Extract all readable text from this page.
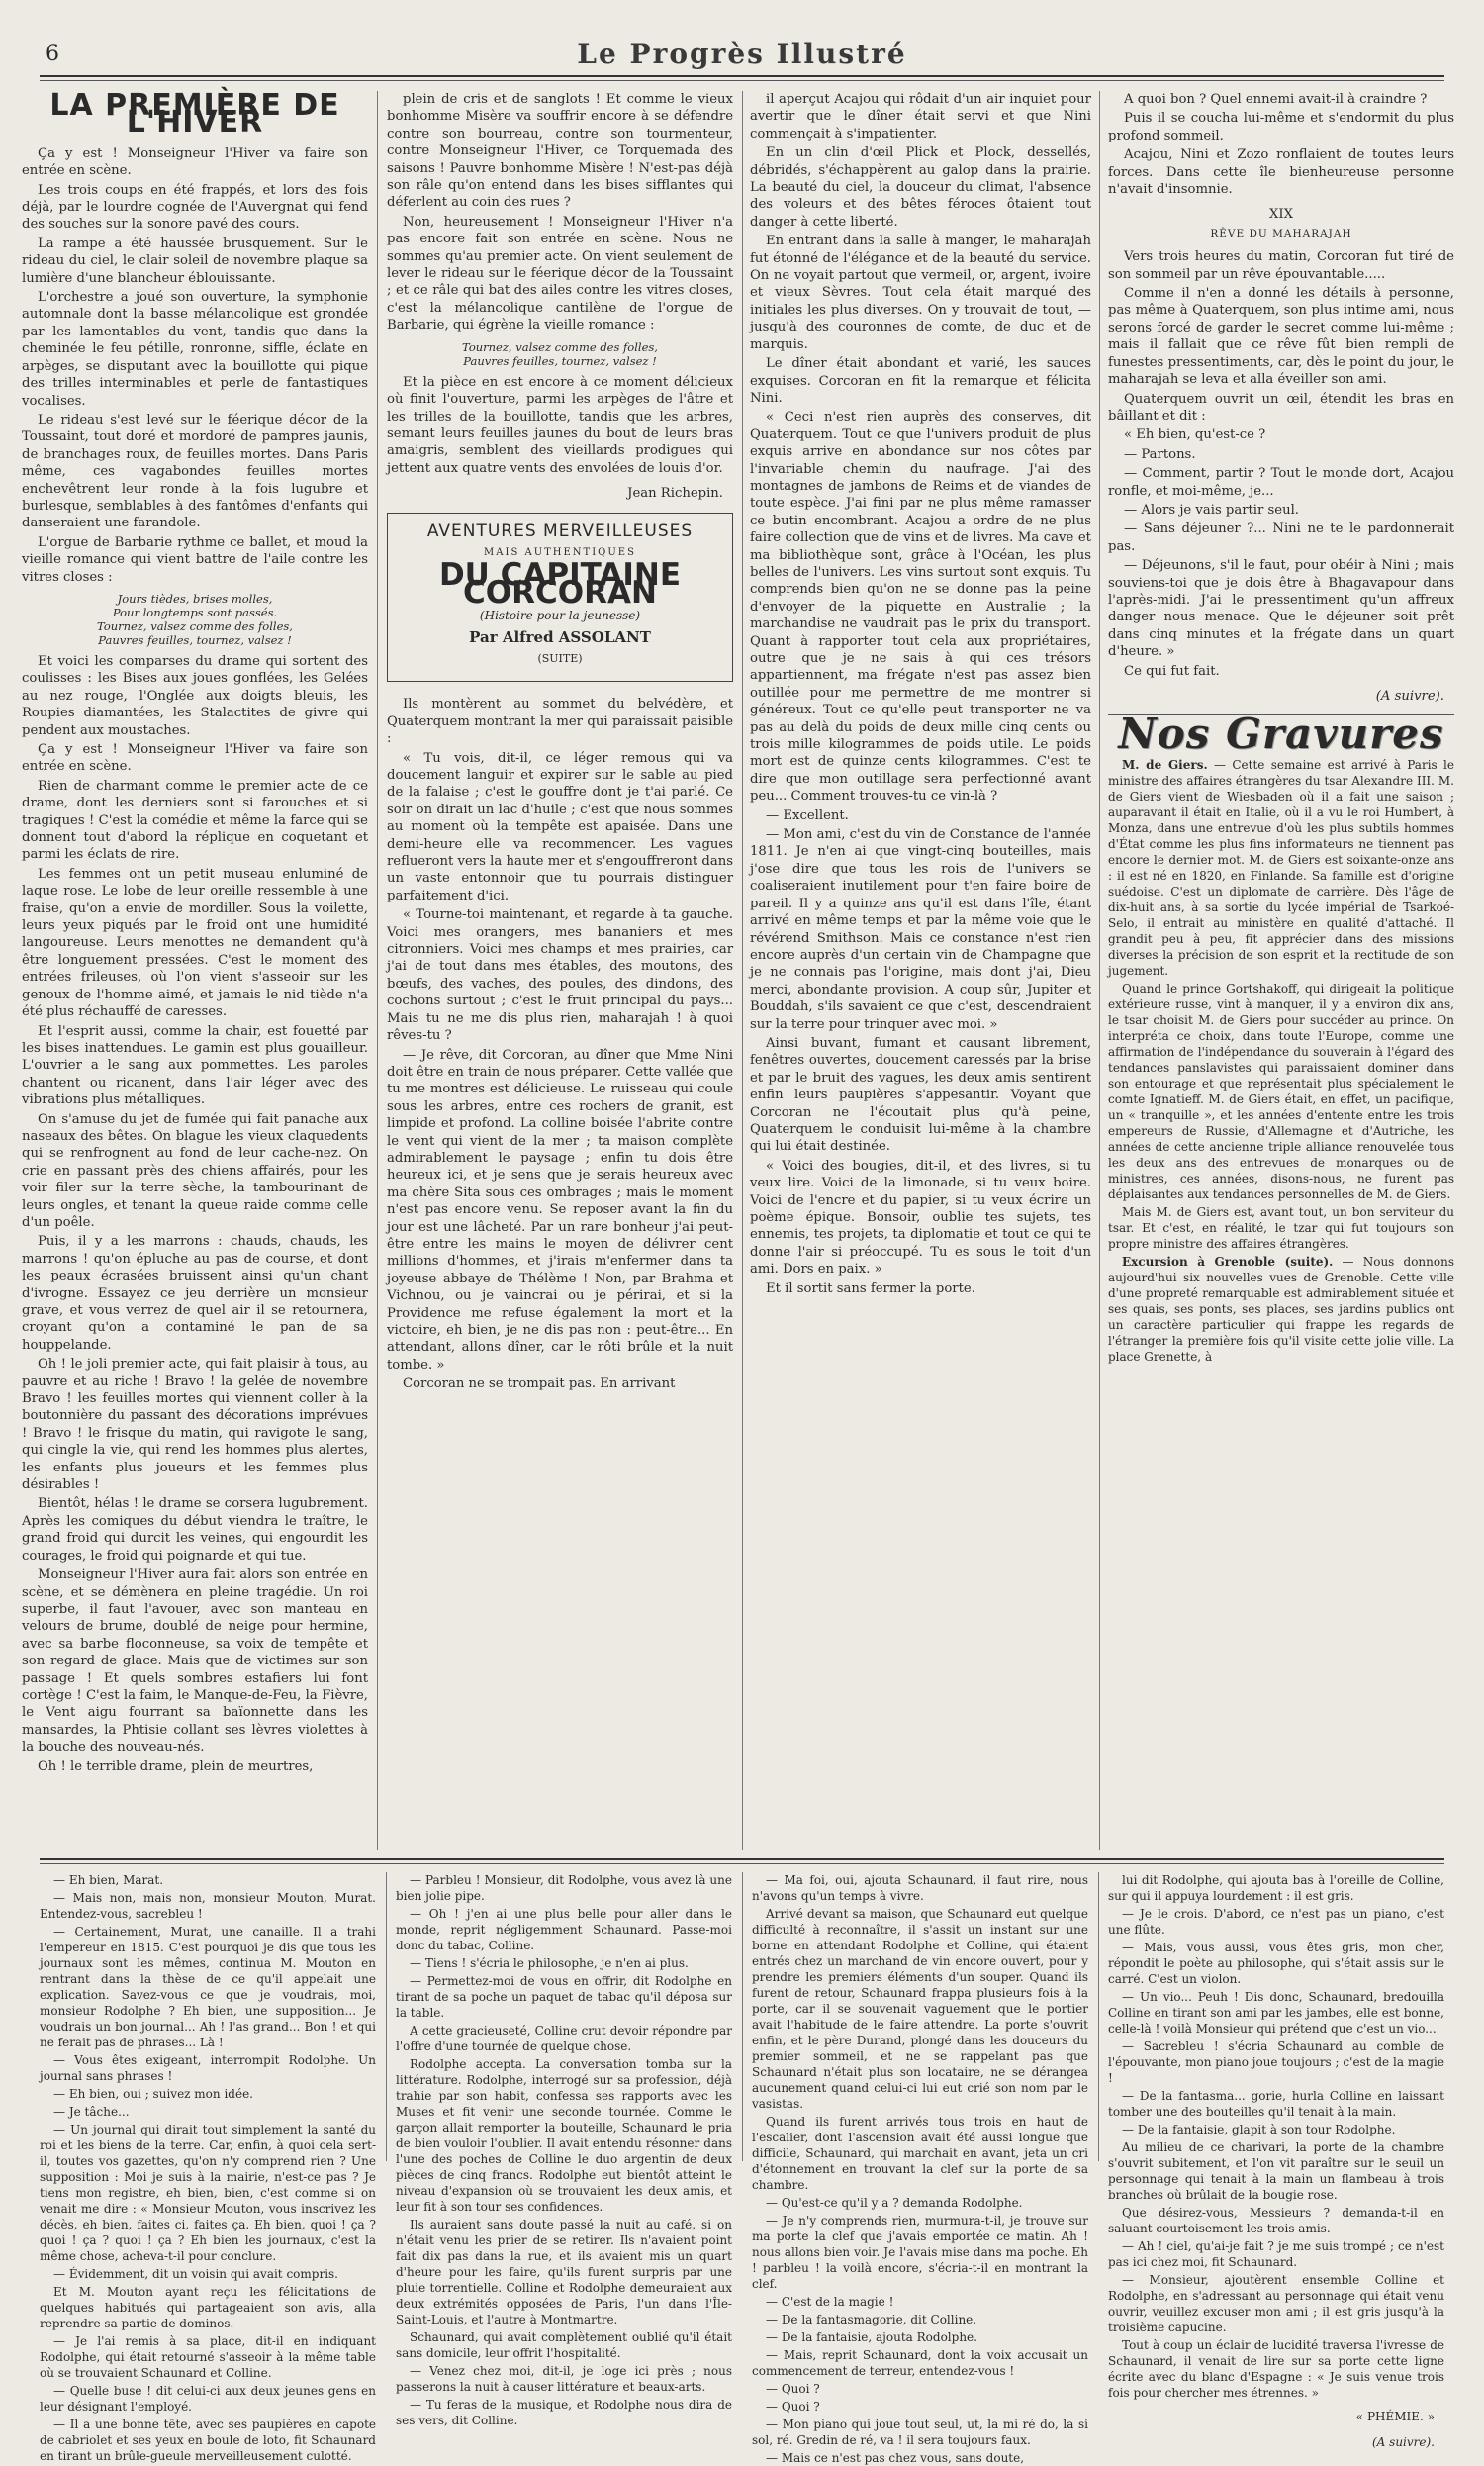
6	Le Progrès Illustré
LA PREMIÈRE DE L'HIVER

Ça y est ! Monseigneur l'Hiver va faire son entrée en scène.

Les trois coups en été frappés, et lors des fois déjà, par le lourdre cognée de l'Auvergnat qui fend des souches sur la sonore pavé des cours.

La rampe a été haussée brusquement. Sur le rideau du ciel, le clair soleil de novembre plaque sa lumière d'une blancheur éblouissante.

L'orchestre a joué son ouverture, la symphonie automnale dont la basse mélancolique est grondée par les lamentables du vent, tandis que dans la cheminée le feu pétille, ronronne, siffle, éclate en arpèges, se disputant avec la bouillotte qui pique des trilles interminables et perle de fantastiques vocalises.

Le rideau s'est levé sur le féerique décor de la Toussaint, tout doré et mordoré de pampres jaunis, de branchages roux, de feuilles mortes. Dans Paris même, ces vagabondes feuilles mortes enchevêtrent leur ronde à la fois lugubre et burlesque, semblables à des fantômes d'enfants qui danseraient une farandole.

L'orgue de Barbarie rythme ce ballet, et moud la vieille romance qui vient battre de l'aile contre les vitres closes :

Jours tièdes, brises molles,
Pour longtemps sont passés.
Tournez, valsez comme des folles,
Pauvres feuilles, tournez, valsez !

Et voici les comparses du drame qui sortent des coulisses : les Bises aux joues gonflées, les Gelées au nez rouge, l'Onglée aux doigts bleuis, les Roupies diamantées, les Stalactites de givre qui pendent aux moustaches.

Ça y est ! Monseigneur l'Hiver va faire son entrée en scène.

Rien de charmant comme le premier acte de ce drame, dont les derniers sont si farouches et si tragiques ! C'est la comédie et même la farce qui se donnent tout d'abord la réplique en coquetant et parmi les éclats de rire.

Les femmes ont un petit museau enluminé de laque rose. Le lobe de leur oreille ressemble à une fraise, qu'on a envie de mordiller. Sous la voilette, leurs yeux piqués par le froid ont une humidité langoureuse. Leurs menottes ne demandent qu'à être longuement pressées. C'est le moment des entrées frileuses, où l'on vient s'asseoir sur les genoux de l'homme aimé, et jamais le nid tiède n'a été plus réchauffé de caresses.

Et l'esprit aussi, comme la chair, est fouetté par les bises inattendues. Le gamin est plus gouailleur. L'ouvrier a le sang aux pommettes. Les paroles chantent ou ricanent, dans l'air léger avec des vibrations plus métalliques.

On s'amuse du jet de fumée qui fait panache aux naseaux des bêtes. On blague les vieux claquedents qui se renfrognent au fond de leur cache-nez. On crie en passant près des chiens affairés, pour les voir filer sur la terre sèche, la tambourinant de leurs ongles, et tenant la queue raide comme celle d'un poêle.

Puis, il y a les marrons : chauds, chauds, les marrons ! qu'on épluche au pas de course, et dont les peaux écrasées bruissent ainsi qu'un chant d'ivrogne. Essayez ce jeu derrière un monsieur grave, et vous verrez de quel air il se retournera, croyant qu'on a contaminé le pan de sa houppelande.

Oh ! le joli premier acte, qui fait plaisir à tous, au pauvre et au riche ! Bravo ! la gelée de novembre Bravo ! les feuilles mortes qui viennent coller à la boutonnière du passant des décorations imprévues ! Bravo ! le frisque du matin, qui ravigote le sang, qui cingle la vie, qui rend les hommes plus alertes, les enfants plus joueurs et les femmes plus désirables !

Bientôt, hélas ! le drame se corsera lugubrement. Après les comiques du début viendra le traître, le grand froid qui durcit les veines, qui engourdit les courages, le froid qui poignarde et qui tue.

Monseigneur l'Hiver aura fait alors son entrée en scène, et se démènera en pleine tragédie. Un roi superbe, il faut l'avouer, avec son manteau en velours de brume, doublé de neige pour hermine, avec sa barbe floconneuse, sa voix de tempête et son regard de glace. Mais que de victimes sur son passage ! Et quels sombres estafiers lui font cortège ! C'est la faim, le Manque-de-Feu, la Fièvre, le Vent aigu fourrant sa baïonnette dans les mansardes, la Phtisie collant ses lèvres violettes à la bouche des nouveau-nés.

Oh ! le terrible drame, plein de meurtres,

plein de cris et de sanglots ! Et comme le vieux bonhomme Misère va souffrir encore à se défendre contre son bourreau, contre son tourmenteur, contre Monseigneur l'Hiver, ce Torquemada des saisons ! Pauvre bonhomme Misère ! N'est-pas déjà son râle qu'on entend dans les bises sifflantes qui déferlent au coin des rues ?

Non, heureusement ! Monseigneur l'Hiver n'a pas encore fait son entrée en scène. Nous ne sommes qu'au premier acte. On vient seulement de lever le rideau sur le féerique décor de la Toussaint ; et ce râle qui bat des ailes contre les vitres closes, c'est la mélancolique cantilène de l'orgue de Barbarie, qui égrène la vieille romance :

Tournez, valsez comme des folles,
Pauvres feuilles, tournez, valsez !

Et la pièce en est encore à ce moment délicieux où finit l'ouverture, parmi les arpèges de l'âtre et les trilles de la bouillotte, tandis que les arbres, semant leurs feuilles jaunes du bout de leurs bras amaigris, semblent des vieillards prodigues qui jettent aux quatre vents des envolées de louis d'or.

Jean Richepin.

AVENTURES MERVEILLEUSES
MAIS AUTHENTIQUES
DU CAPITAINE CORCORAN
(Histoire pour la jeunesse)
Par Alfred ASSOLANT
(SUITE)

Ils montèrent au sommet du belvédère, et Quaterquem montrant la mer qui paraissait paisible :

« Tu vois, dit-il, ce léger remous qui va doucement languir et expirer sur le sable au pied de la falaise ; c'est le gouffre dont je t'ai parlé. Ce soir on dirait un lac d'huile ; c'est que nous sommes au moment où la tempête est apaisée. Dans une demi-heure elle va recommencer. Les vagues reflueront vers la haute mer et s'engouffreront dans un vaste entonnoir que tu pourrais distinguer parfaitement d'ici.

« Tourne-toi maintenant, et regarde à ta gauche. Voici mes orangers, mes bananiers et mes citronniers. Voici mes champs et mes prairies, car j'ai de tout dans mes étables, des moutons, des bœufs, des vaches, des poules, des dindons, des cochons surtout ; c'est le fruit principal du pays... Mais tu ne me dis plus rien, maharajah ! à quoi rêves-tu ?

— Je rêve, dit Corcoran, au dîner que Mme Nini doit être en train de nous préparer. Cette vallée que tu me montres est délicieuse. Le ruisseau qui coule sous les arbres, entre ces rochers de granit, est limpide et profond. La colline boisée l'abrite contre le vent qui vient de la mer ; ta maison complète admirablement le paysage ; enfin tu dois être heureux ici, et je sens que je serais heureux avec ma chère Sita sous ces ombrages ; mais le moment n'est pas encore venu. Se reposer avant la fin du jour est une lâcheté. Par un rare bonheur j'ai peut-être entre les mains le moyen de délivrer cent millions d'hommes, et j'irais m'enfermer dans ta joyeuse abbaye de Thélème ! Non, par Brahma et Vichnou, ou je vaincrai ou je périrai, et si la Providence me refuse également la mort et la victoire, eh bien, je ne dis pas non : peut-être... En attendant, allons dîner, car le rôti brûle et la nuit tombe. »

Corcoran ne se trompait pas. En arrivant

il aperçut Acajou qui rôdait d'un air inquiet pour avertir que le dîner était servi et que Nini commençait à s'impatienter.

En un clin d'œil Plick et Plock, dessellés, débridés, s'échappèrent au galop dans la prairie. La beauté du ciel, la douceur du climat, l'absence des voleurs et des bêtes féroces ôtaient tout danger à cette liberté.

En entrant dans la salle à manger, le maharajah fut étonné de l'élégance et de la beauté du service. On ne voyait partout que vermeil, or, argent, ivoire et vieux Sèvres. Tout cela était marqué des initiales les plus diverses. On y trouvait de tout, — jusqu'à des couronnes de comte, de duc et de marquis.

Le dîner était abondant et varié, les sauces exquises. Corcoran en fit la remarque et félicita Nini.

« Ceci n'est rien auprès des conserves, dit Quaterquem. Tout ce que l'univers produit de plus exquis arrive en abondance sur nos côtes par l'invariable chemin du naufrage. J'ai des montagnes de jambons de Reims et de viandes de toute espèce. J'ai fini par ne plus même ramasser ce butin encombrant. Acajou a ordre de ne plus faire collection que de vins et de livres. Ma cave et ma bibliothèque sont, grâce à l'Océan, les plus belles de l'univers. Les vins surtout sont exquis. Tu comprends bien qu'on ne se donne pas la peine d'envoyer de la piquette en Australie ; la marchandise ne vaudrait pas le prix du transport. Quant à rapporter tout cela aux propriétaires, outre que je ne sais à qui ces trésors appartiennent, ma frégate n'est pas assez bien outillée pour me permettre de me montrer si généreux. Tout ce qu'elle peut transporter ne va pas au delà du poids de deux mille cinq cents ou trois mille kilogrammes de poids utile. Le poids mort est de quinze cents kilogrammes. C'est te dire que mon outillage sera perfectionné avant peu... Comment trouves-tu ce vin-là ?

— Excellent.

— Mon ami, c'est du vin de Constance de l'année 1811. Je n'en ai que vingt-cinq bouteilles, mais j'ose dire que tous les rois de l'univers se coaliseraient inutilement pour t'en faire boire de pareil. Il y a quinze ans qu'il est dans l'île, étant arrivé en même temps et par la même voie que le révérend Smithson. Mais ce constance n'est rien encore auprès d'un certain vin de Champagne que je ne connais pas l'origine, mais dont j'ai, Dieu merci, abondante provision. A coup sûr, Jupiter et Bouddah, s'ils savaient ce que c'est, descendraient sur la terre pour trinquer avec moi. »

Ainsi buvant, fumant et causant librement, fenêtres ouvertes, doucement caressés par la brise et par le bruit des vagues, les deux amis sentirent enfin leurs paupières s'appesantir. Voyant que Corcoran ne l'écoutait plus qu'à peine, Quaterquem le conduisit lui-même à la chambre qui lui était destinée.

« Voici des bougies, dit-il, et des livres, si tu veux lire. Voici de la limonade, si tu veux boire. Voici de l'encre et du papier, si tu veux écrire un poème épique. Bonsoir, oublie tes sujets, tes ennemis, tes projets, ta diplomatie et tout ce qui te donne l'air si préoccupé. Tu es sous le toit d'un ami. Dors en paix. »

Et il sortit sans fermer la porte.

A quoi bon ? Quel ennemi avait-il à craindre ?

Puis il se coucha lui-même et s'endormit du plus profond sommeil.

Acajou, Nini et Zozo ronflaient de toutes leurs forces. Dans cette île bienheureuse personne n'avait d'insomnie.

XIX

RÊVE DU MAHARAJAH

Vers trois heures du matin, Corcoran fut tiré de son sommeil par un rêve épouvantable.....

Comme il n'en a donné les détails à personne, pas même à Quaterquem, son plus intime ami, nous serons forcé de garder le secret comme lui-même ; mais il fallait que ce rêve fût bien rempli de funestes pressentiments, car, dès le point du jour, le maharajah se leva et alla éveiller son ami.

Quaterquem ouvrit un œil, étendit les bras en bâillant et dit :

« Eh bien, qu'est-ce ?

— Partons.

— Comment, partir ? Tout le monde dort, Acajou ronfle, et moi-même, je...

— Alors je vais partir seul.

— Sans déjeuner ?... Nini ne te le pardonnerait pas.

— Déjeunons, s'il le faut, pour obéir à Nini ; mais souviens-toi que je dois être à Bhagavapour dans l'après-midi. J'ai le pressentiment qu'un affreux danger nous menace. Que le déjeuner soit prêt dans cinq minutes et la frégate dans un quart d'heure. »

Ce qui fut fait.

(A suivre).

Nos Gravures

M. de Giers. — Cette semaine est arrivé à Paris le ministre des affaires étrangères du tsar Alexandre III. M. de Giers vient de Wiesbaden où il a fait une saison ; auparavant il était en Italie, où il a vu le roi Humbert, à Monza, dans une entrevue d'où les plus subtils hommes d'État comme les plus fins informateurs ne tiennent pas encore le dernier mot. M. de Giers est soixante-onze ans : il est né en 1820, en Finlande. Sa famille est d'origine suédoise. C'est un diplomate de carrière. Dès l'âge de dix-huit ans, à sa sortie du lycée impérial de Tsarkoé-Selo, il entrait au ministère en qualité d'attaché. Il grandit peu à peu, fit apprécier dans des missions diverses la précision de son esprit et la rectitude de son jugement.

Quand le prince Gortshakoff, qui dirigeait la politique extérieure russe, vint à manquer, il y a environ dix ans, le tsar choisit M. de Giers pour succéder au prince. On interpréta ce choix, dans toute l'Europe, comme une affirmation de l'indépendance du souverain à l'égard des tendances panslavistes qui paraissaient dominer dans son entourage et que représentait plus spécialement le comte Ignatieff. M. de Giers était, en effet, un pacifique, un « tranquille », et les années d'entente entre les trois empereurs de Russie, d'Allemagne et d'Autriche, les années de cette ancienne triple alliance renouvelée tous les deux ans des entrevues de monarques ou de ministres, ces années, disons-nous, ne furent pas déplaisantes aux tendances personnelles de M. de Giers.

Mais M. de Giers est, avant tout, un bon serviteur du tsar. Et c'est, en réalité, le tzar qui fut toujours son propre ministre des affaires étrangères.

Excursion à Grenoble (suite). — Nous donnons aujourd'hui six nouvelles vues de Grenoble. Cette ville d'une propreté remarquable est admirablement située et ses quais, ses ponts, ses places, ses jardins publics ont un caractère particulier qui frappe les regards de l'étranger la première fois qu'il visite cette jolie ville. La place Grenette, à

— Eh bien, Marat.

— Mais non, mais non, monsieur Mouton, Murat. Entendez-vous, sacrebleu !

— Certainement, Murat, une canaille. Il a trahi l'empereur en 1815. C'est pourquoi je dis que tous les journaux sont les mêmes, continua M. Mouton en rentrant dans la thèse de ce qu'il appelait une explication. Savez-vous ce que je voudrais, moi, monsieur Rodolphe ? Eh bien, une supposition... Je voudrais un bon journal... Ah ! l'as grand... Bon ! et qui ne ferait pas de phrases... Là !

— Vous êtes exigeant, interrompit Rodolphe. Un journal sans phrases !

— Eh bien, oui ; suivez mon idée.

— Je tâche...

— Un journal qui dirait tout simplement la santé du roi et les biens de la terre. Car, enfin, à quoi cela sert-il, toutes vos gazettes, qu'on n'y comprend rien ? Une supposition : Moi je suis à la mairie, n'est-ce pas ? Je tiens mon registre, eh bien, bien, c'est comme si on venait me dire : « Monsieur Mouton, vous inscrivez les décès, eh bien, faites ci, faites ça. Eh bien, quoi ! ça ? quoi ! ça ? quoi ! ça ? Eh bien les journaux, c'est la même chose, acheva-t-il pour conclure.

— Évidemment, dit un voisin qui avait compris.

Et M. Mouton ayant reçu les félicitations de quelques habitués qui partageaient son avis, alla reprendre sa partie de dominos.

— Je l'ai remis à sa place, dit-il en indiquant Rodolphe, qui était retourné s'asseoir à la même table où se trouvaient Schaunard et Colline.

— Quelle buse ! dit celui-ci aux deux jeunes gens en leur désignant l'employé.

— Il a une bonne tête, avec ses paupières en capote de cabriolet et ses yeux en boule de loto, fit Schaunard en tirant un brûle-gueule merveilleusement culotté.

— Parbleu ! Monsieur, dit Rodolphe, vous avez là une bien jolie pipe.

— Oh ! j'en ai une plus belle pour aller dans le monde, reprit négligemment Schaunard. Passe-moi donc du tabac, Colline.

— Tiens ! s'écria le philosophe, je n'en ai plus.

— Permettez-moi de vous en offrir, dit Rodolphe en tirant de sa poche un paquet de tabac qu'il déposa sur la table.

A cette gracieuseté, Colline crut devoir répondre par l'offre d'une tournée de quelque chose.

Rodolphe accepta. La conversation tomba sur la littérature. Rodolphe, interrogé sur sa profession, déjà trahie par son habit, confessa ses rapports avec les Muses et fit venir une seconde tournée. Comme le garçon allait remporter la bouteille, Schaunard le pria de bien vouloir l'oublier. Il avait entendu résonner dans l'une des poches de Colline le duo argentin de deux pièces de cinq francs. Rodolphe eut bientôt atteint le niveau d'expansion où se trouvaient les deux amis, et leur fit à son tour ses confidences.

Ils auraient sans doute passé la nuit au café, si on n'était venu les prier de se retirer. Ils n'avaient point fait dix pas dans la rue, et ils avaient mis un quart d'heure pour les faire, qu'ils furent surpris par une pluie torrentielle. Colline et Rodolphe demeuraient aux deux extrémités opposées de Paris, l'un dans l'Île-Saint-Louis, et l'autre à Montmartre.

Schaunard, qui avait complètement oublié qu'il était sans domicile, leur offrit l'hospitalité.

— Venez chez moi, dit-il, je loge ici près ; nous passerons la nuit à causer littérature et beaux-arts.

— Tu feras de la musique, et Rodolphe nous dira de ses vers, dit Colline.

— Ma foi, oui, ajouta Schaunard, il faut rire, nous n'avons qu'un temps à vivre.

Arrivé devant sa maison, que Schaunard eut quelque difficulté à reconnaître, il s'assit un instant sur une borne en attendant Rodolphe et Colline, qui étaient entrés chez un marchand de vin encore ouvert, pour y prendre les premiers éléments d'un souper. Quand ils furent de retour, Schaunard frappa plusieurs fois à la porte, car il se souvenait vaguement que le portier avait l'habitude de le faire attendre. La porte s'ouvrit enfin, et le père Durand, plongé dans les douceurs du premier sommeil, et ne se rappelant pas que Schaunard n'était plus son locataire, ne se dérangea aucunement quand celui-ci lui eut crié son nom par le vasistas.

Quand ils furent arrivés tous trois en haut de l'escalier, dont l'ascension avait été aussi longue que difficile, Schaunard, qui marchait en avant, jeta un cri d'étonnement en trouvant la clef sur la porte de sa chambre.

— Qu'est-ce qu'il y a ? demanda Rodolphe.

— Je n'y comprends rien, murmura-t-il, je trouve sur ma porte la clef que j'avais emportée ce matin. Ah ! nous allons bien voir. Je l'avais mise dans ma poche. Eh ! parbleu ! la voilà encore, s'écria-t-il en montrant la clef.

— C'est de la magie !

— De la fantasmagorie, dit Colline.

— De la fantaisie, ajouta Rodolphe.

— Mais, reprit Schaunard, dont la voix accusait un commencement de terreur, entendez-vous !

— Quoi ?

— Quoi ?

— Mon piano qui joue tout seul, ut, la mi ré do, la si sol, ré. Gredin de ré, va ! il sera toujours faux.

— Mais ce n'est pas chez vous, sans doute,

lui dit Rodolphe, qui ajouta bas à l'oreille de Colline, sur qui il appuya lourdement : il est gris.

— Je le crois. D'abord, ce n'est pas un piano, c'est une flûte.

— Mais, vous aussi, vous êtes gris, mon cher, répondit le poète au philosophe, qui s'était assis sur le carré. C'est un violon.

— Un vio... Peuh ! Dis donc, Schaunard, bredouilla Colline en tirant son ami par les jambes, elle est bonne, celle-là ! voilà Monsieur qui prétend que c'est un vio...

— Sacrebleu ! s'écria Schaunard au comble de l'épouvante, mon piano joue toujours ; c'est de la magie !

— De la fantasma... gorie, hurla Colline en laissant tomber une des bouteilles qu'il tenait à la main.

— De la fantaisie, glapit à son tour Rodolphe.

Au milieu de ce charivari, la porte de la chambre s'ouvrit subitement, et l'on vit paraître sur le seuil un personnage qui tenait à la main un flambeau à trois branches où brûlait de la bougie rose.

Que désirez-vous, Messieurs ? demanda-t-il en saluant courtoisement les trois amis.

— Ah ! ciel, qu'ai-je fait ? je me suis trompé ; ce n'est pas ici chez moi, fit Schaunard.

— Monsieur, ajoutèrent ensemble Colline et Rodolphe, en s'adressant au personnage qui était venu ouvrir, veuillez excuser mon ami ; il est gris jusqu'à la troisième capucine.

Tout à coup un éclair de lucidité traversa l'ivresse de Schaunard, il venait de lire sur sa porte cette ligne écrite avec du blanc d'Espagne : « Je suis venue trois fois pour chercher mes étrennes. »

« PHÉMIE. »

(A suivre).
